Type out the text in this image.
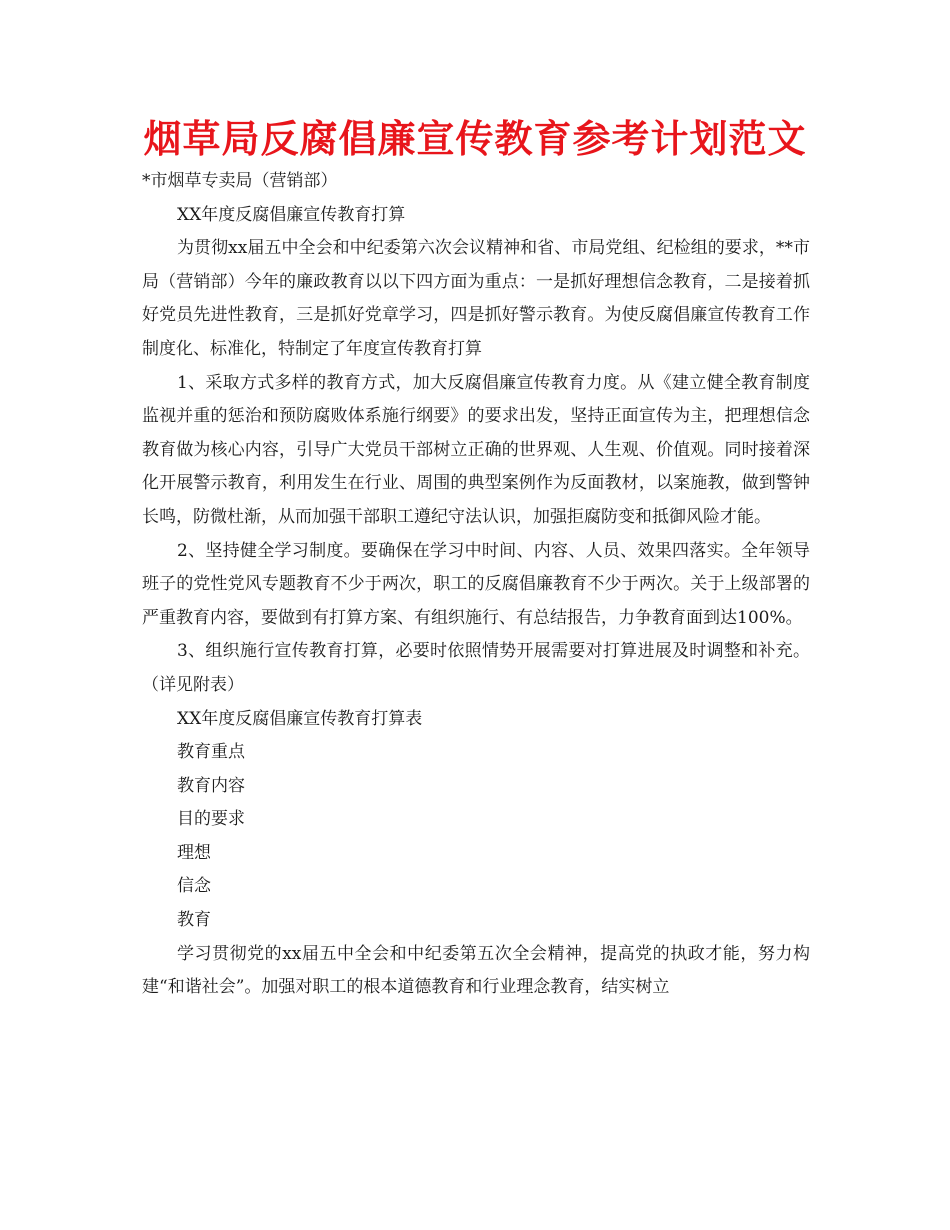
烟草局反腐倡廉宣传教育参考计划范文

*市烟草专卖局（营销部）

XX年度反腐倡廉宣传教育打算

为贯彻xx届五中全会和中纪委第六次会议精神和省、市局党组、纪检组的要求，**市局（营销部）今年的廉政教育以以下四方面为重点：一是抓好理想信念教育，二是接着抓好党员先进性教育，三是抓好党章学习，四是抓好警示教育。为使反腐倡廉宣传教育工作制度化、标准化，特制定了年度宣传教育打算

1、采取方式多样的教育方式，加大反腐倡廉宣传教育力度。从《建立健全教育制度监视并重的惩治和预防腐败体系施行纲要》的要求出发，坚持正面宣传为主，把理想信念教育做为核心内容，引导广大党员干部树立正确的世界观、人生观、价值观。同时接着深化开展警示教育，利用发生在行业、周围的典型案例作为反面教材，以案施教，做到警钟长鸣，防微杜渐，从而加强干部职工遵纪守法认识，加强拒腐防变和抵御风险才能。

2、坚持健全学习制度。要确保在学习中时间、内容、人员、效果四落实。全年领导班子的党性党风专题教育不少于两次，职工的反腐倡廉教育不少于两次。关于上级部署的严重教育内容，要做到有打算方案、有组织施行、有总结报告，力争教育面到达100%。

3、组织施行宣传教育打算，必要时依照情势开展需要对打算进展及时调整和补充。（详见附表）

XX年度反腐倡廉宣传教育打算表

教育重点

教育内容

目的要求

理想

信念

教育

学习贯彻党的xx届五中全会和中纪委第五次全会精神，提高党的执政才能，努力构建“和谐社会”。加强对职工的根本道德教育和行业理念教育，结实树立
